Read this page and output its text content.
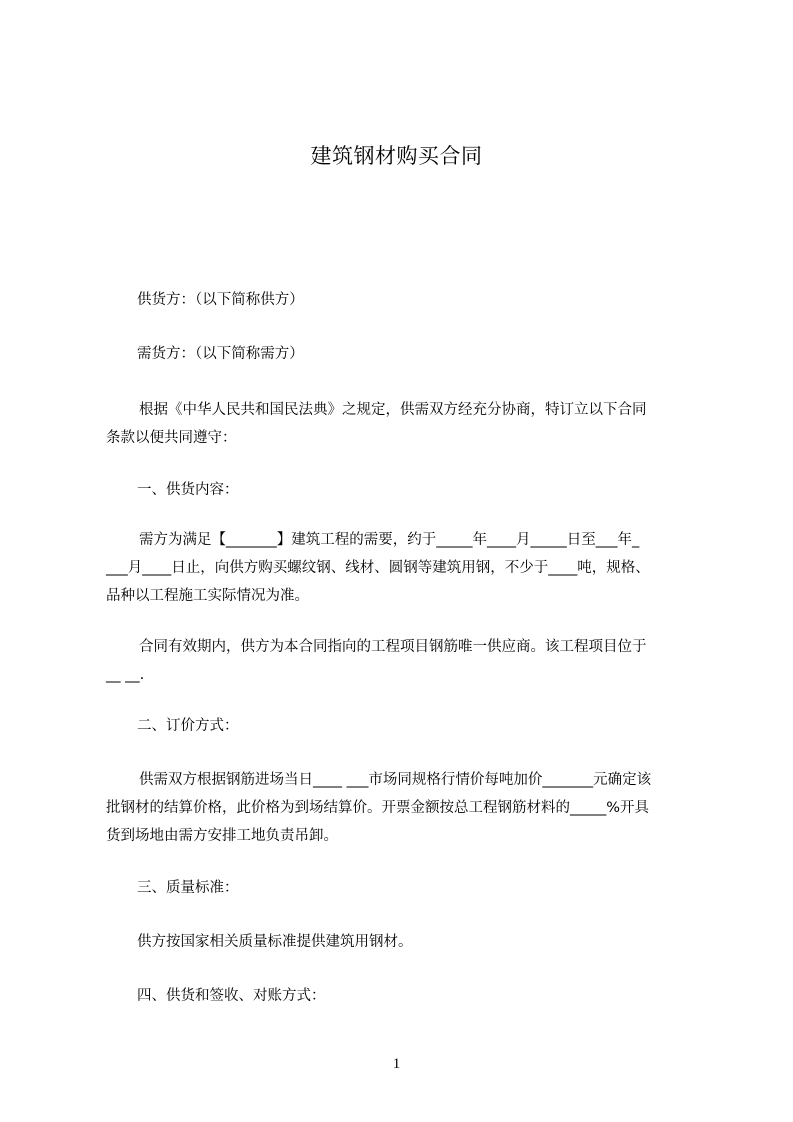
建筑钢材购买合同

供货方：（以下简称供方）

需货方：（以下简称需方）

根据《中华人民共和国民法典》之规定，供需双方经充分协商，特订立以下合同
条款以便共同遵守：

一、供货内容：

需方为满足【_______】建筑工程的需要，约于_____年____月_____日至___年_
___月____日止，向供方购买螺纹钢、线材、圆钢等建筑用钢，不少于____吨，规格、
品种以工程施工实际情况为准。

合同有效期内，供方为本合同指向的工程项目钢筋唯一供应商。该工程项目位于
__ __.

二、订价方式：

供需双方根据钢筋进场当日____ ___市场同规格行情价每吨加价_______元确定该
批钢材的结算价格，此价格为到场结算价。开票金额按总工程钢筋材料的_____%开具
货到场地由需方安排工地负责吊卸。

三、质量标准：

供方按国家相关质量标准提供建筑用钢材。

四、供货和签收、对账方式：

1
